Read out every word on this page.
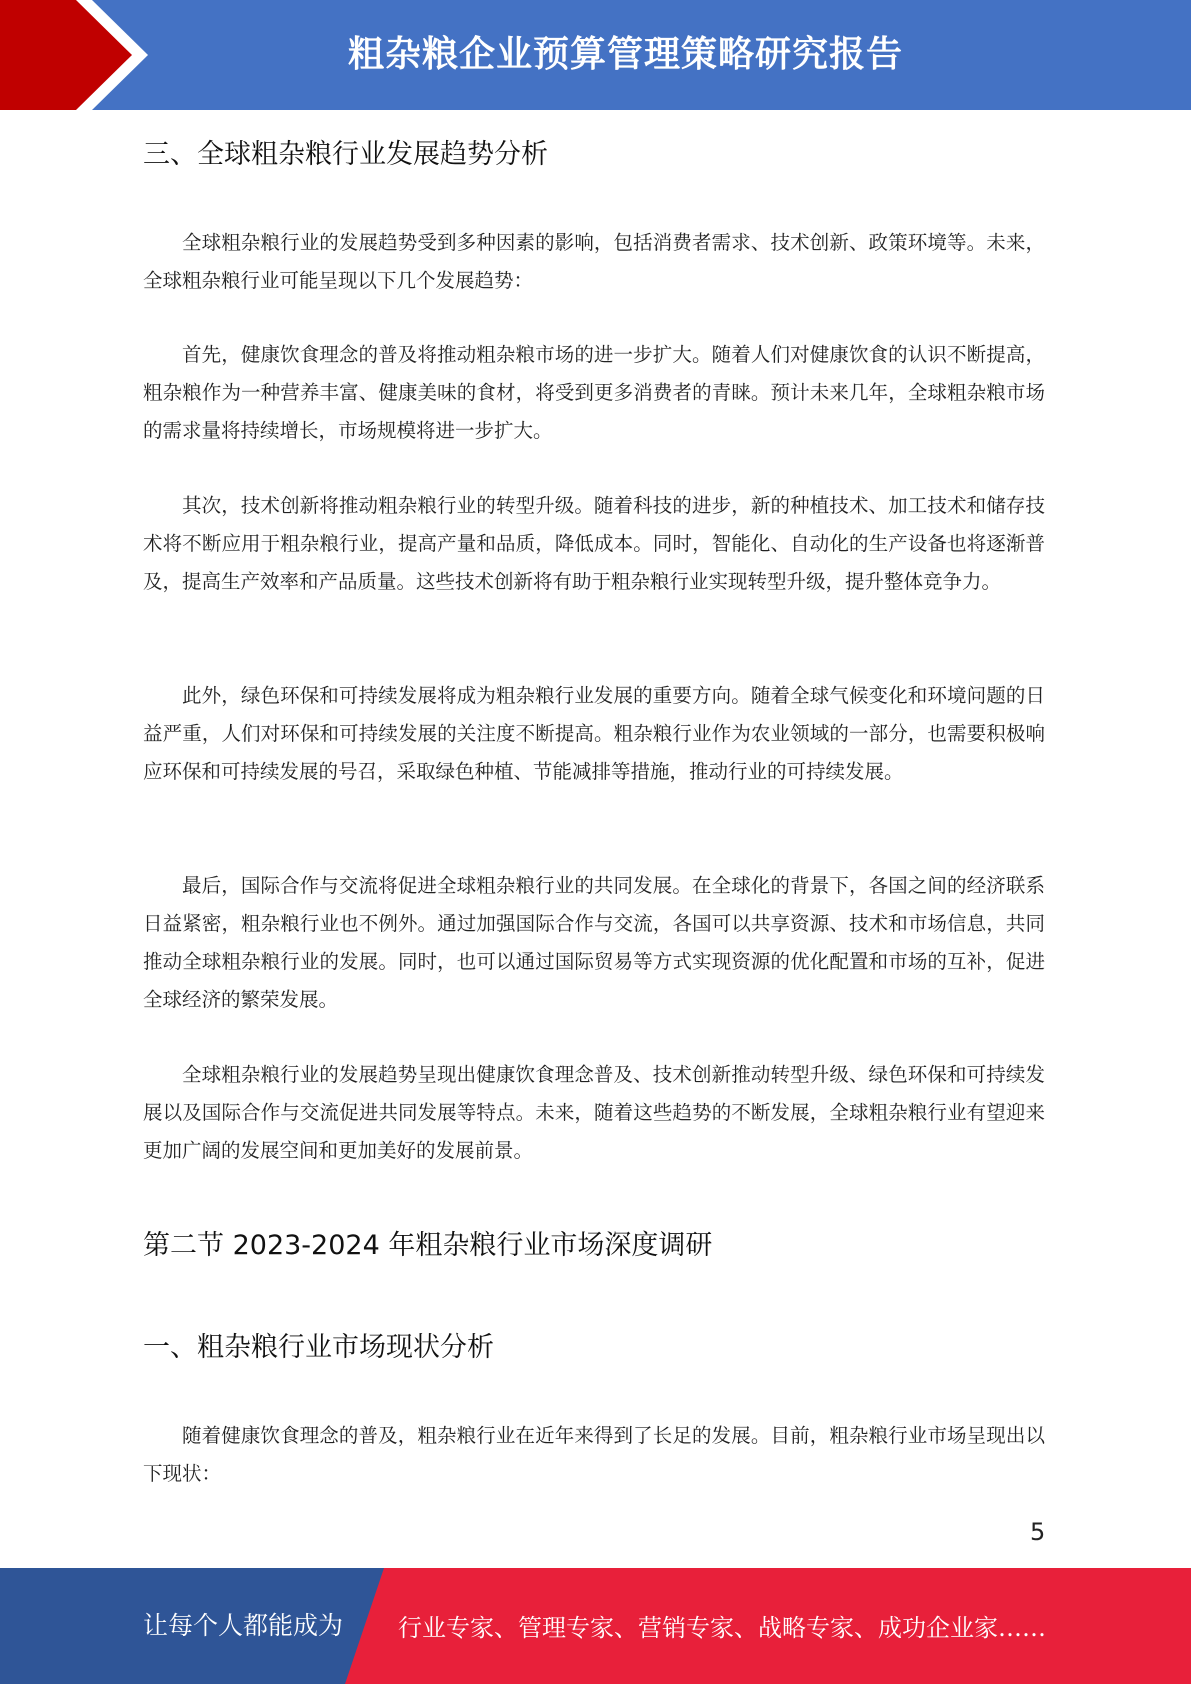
粗杂粮企业预算管理策略研究报告
三、全球粗杂粮行业发展趋势分析

全球粗杂粮行业的发展趋势受到多种因素的影响，包括消费者需求、技术创新、政策环境等。未来，全球粗杂粮行业可能呈现以下几个发展趋势：

首先，健康饮食理念的普及将推动粗杂粮市场的进一步扩大。随着人们对健康饮食的认识不断提高，粗杂粮作为一种营养丰富、健康美味的食材，将受到更多消费者的青睐。预计未来几年，全球粗杂粮市场的需求量将持续增长，市场规模将进一步扩大。

其次，技术创新将推动粗杂粮行业的转型升级。随着科技的进步，新的种植技术、加工技术和储存技术将不断应用于粗杂粮行业，提高产量和品质，降低成本。同时，智能化、自动化的生产设备也将逐渐普及，提高生产效率和产品质量。这些技术创新将有助于粗杂粮行业实现转型升级，提升整体竞争力。

此外，绿色环保和可持续发展将成为粗杂粮行业发展的重要方向。随着全球气候变化和环境问题的日益严重，人们对环保和可持续发展的关注度不断提高。粗杂粮行业作为农业领域的一部分，也需要积极响应环保和可持续发展的号召，采取绿色种植、节能减排等措施，推动行业的可持续发展。

最后，国际合作与交流将促进全球粗杂粮行业的共同发展。在全球化的背景下，各国之间的经济联系日益紧密，粗杂粮行业也不例外。通过加强国际合作与交流，各国可以共享资源、技术和市场信息，共同推动全球粗杂粮行业的发展。同时，也可以通过国际贸易等方式实现资源的优化配置和市场的互补，促进全球经济的繁荣发展。

全球粗杂粮行业的发展趋势呈现出健康饮食理念普及、技术创新推动转型升级、绿色环保和可持续发展以及国际合作与交流促进共同发展等特点。未来，随着这些趋势的不断发展，全球粗杂粮行业有望迎来更加广阔的发展空间和更加美好的发展前景。

第二节 2023-2024 年粗杂粮行业市场深度调研
一、粗杂粮行业市场现状分析

随着健康饮食理念的普及，粗杂粮行业在近年来得到了长足的发展。目前，粗杂粮行业市场呈现出以下现状：

5
让每个人都能成为 行业专家、管理专家、营销专家、战略专家、成功企业家……
